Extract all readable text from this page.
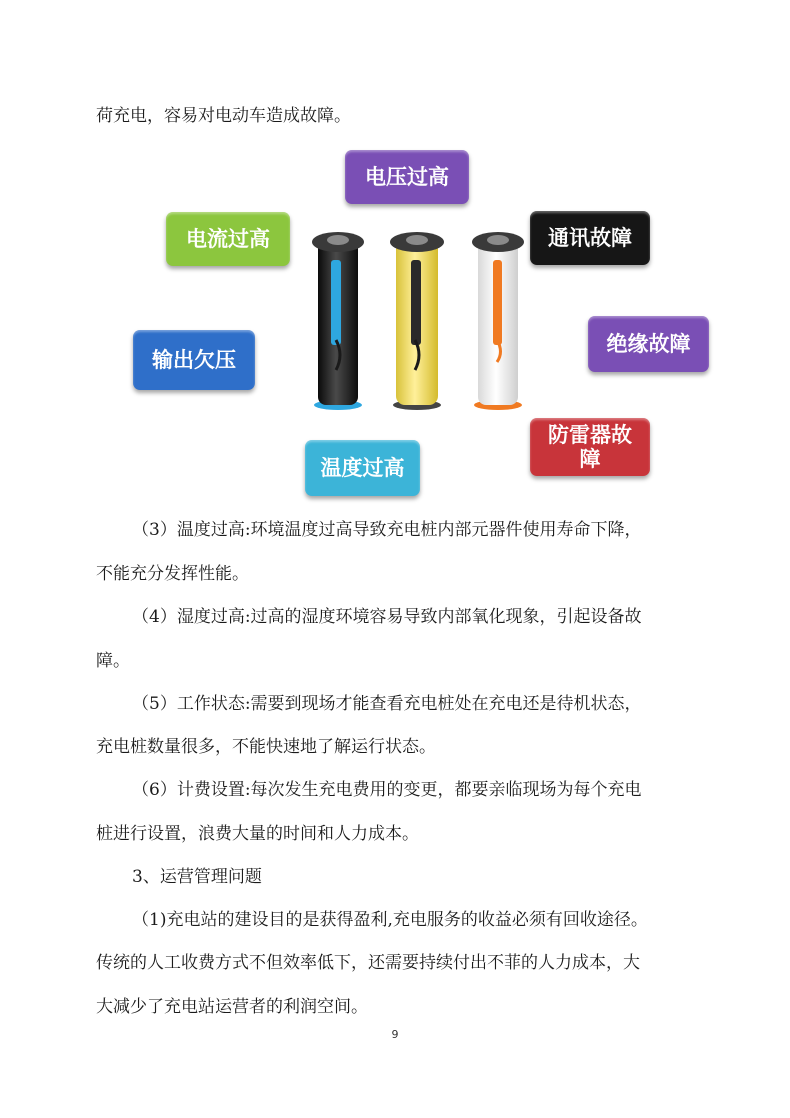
荷充电，容易对电动车造成故障。
电压过高
电流过高	通讯故障
输出欠压
绝缘故障
防雷器故障
温度过高
（3）温度过高:环境温度过高导致充电桩内部元器件使用寿命下降，
不能充分发挥性能。
（4）湿度过高:过高的湿度环境容易导致内部氧化现象，引起设备故
障。
（5）工作状态:需要到现场才能查看充电桩处在充电还是待机状态，
充电桩数量很多，不能快速地了解运行状态。
（6）计费设置:每次发生充电费用的变更，都要亲临现场为每个充电
桩进行设置，浪费大量的时间和人力成本。
3、运营管理问题
（1)充电站的建设目的是获得盈利,充电服务的收益必须有回收途径。
传统的人工收费方式不但效率低下，还需要持续付出不菲的人力成本，大
大减少了充电站运营者的利润空间。
9
